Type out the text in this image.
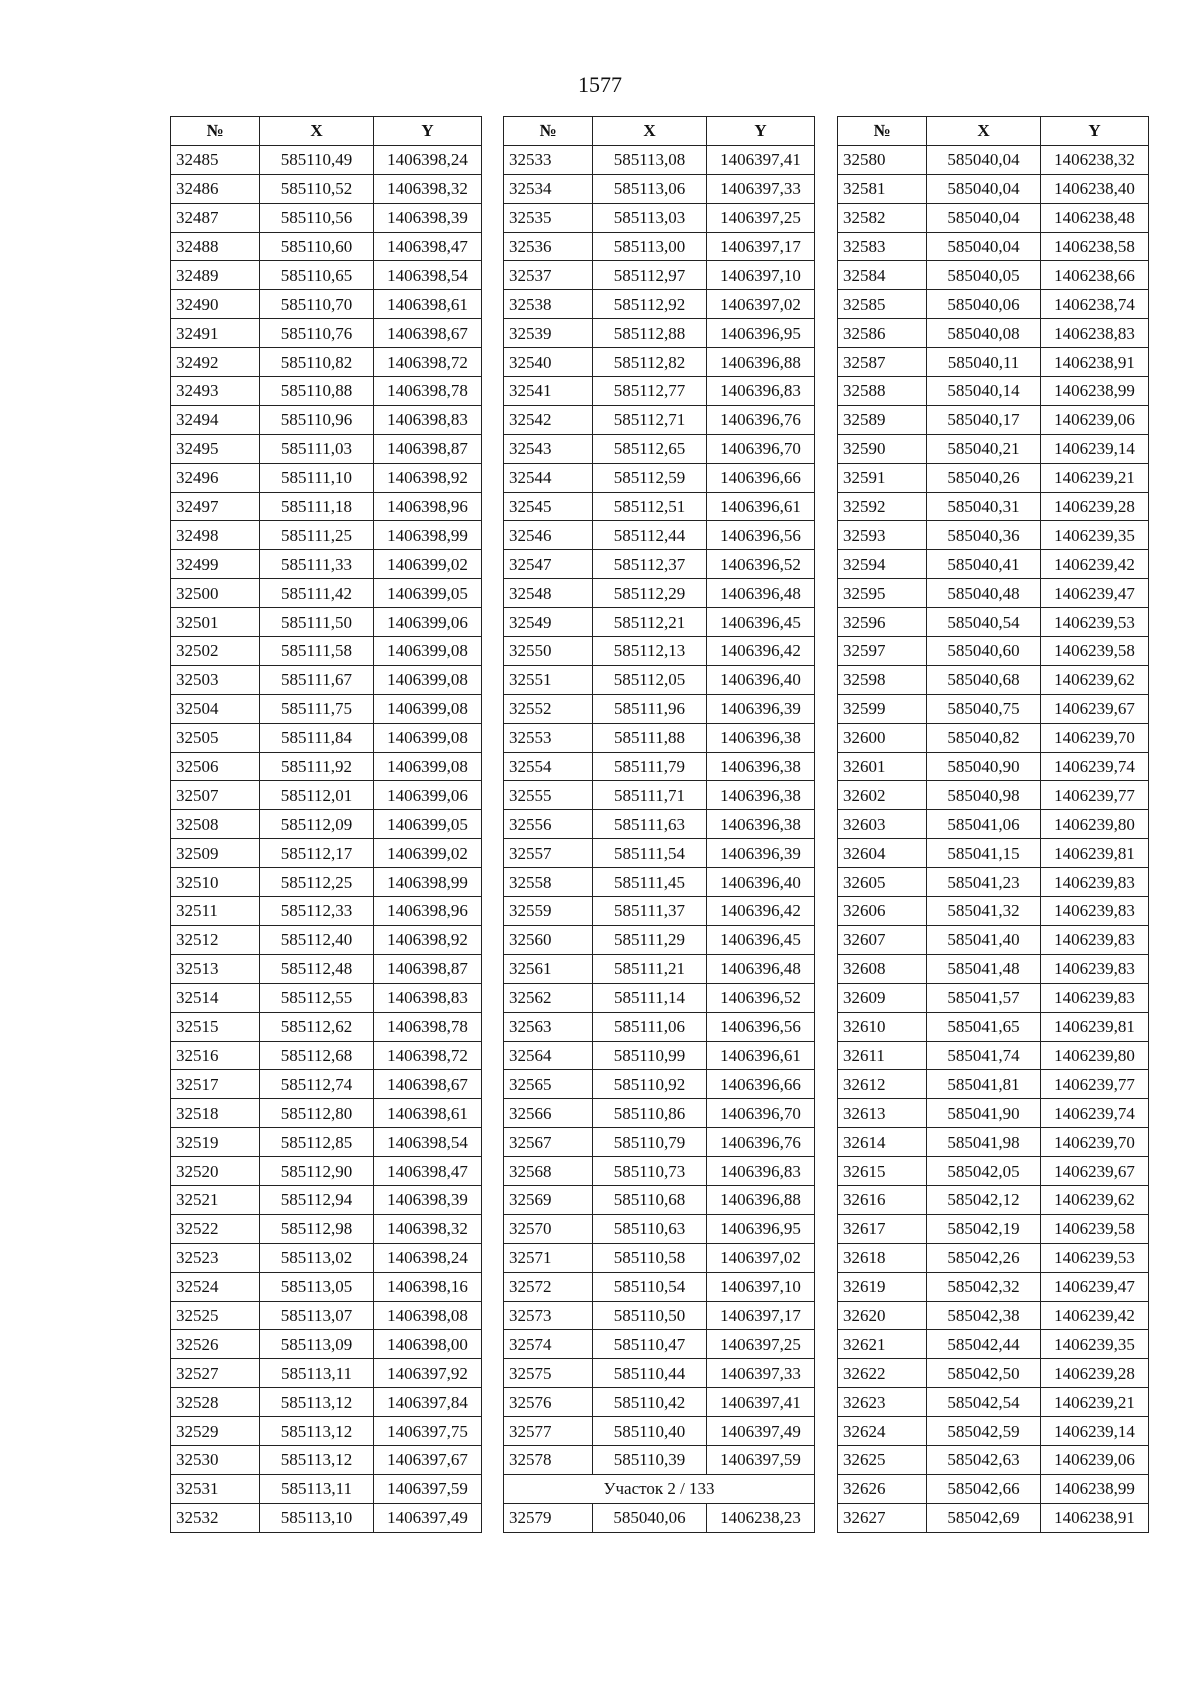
1577
№	X	Y
32485	585110,49	1406398,24
32486	585110,52	1406398,32
32487	585110,56	1406398,39
32488	585110,60	1406398,47
32489	585110,65	1406398,54
32490	585110,70	1406398,61
32491	585110,76	1406398,67
32492	585110,82	1406398,72
32493	585110,88	1406398,78
32494	585110,96	1406398,83
32495	585111,03	1406398,87
32496	585111,10	1406398,92
32497	585111,18	1406398,96
32498	585111,25	1406398,99
32499	585111,33	1406399,02
32500	585111,42	1406399,05
32501	585111,50	1406399,06
32502	585111,58	1406399,08
32503	585111,67	1406399,08
32504	585111,75	1406399,08
32505	585111,84	1406399,08
32506	585111,92	1406399,08
32507	585112,01	1406399,06
32508	585112,09	1406399,05
32509	585112,17	1406399,02
32510	585112,25	1406398,99
32511	585112,33	1406398,96
32512	585112,40	1406398,92
32513	585112,48	1406398,87
32514	585112,55	1406398,83
32515	585112,62	1406398,78
32516	585112,68	1406398,72
32517	585112,74	1406398,67
32518	585112,80	1406398,61
32519	585112,85	1406398,54
32520	585112,90	1406398,47
32521	585112,94	1406398,39
32522	585112,98	1406398,32
32523	585113,02	1406398,24
32524	585113,05	1406398,16
32525	585113,07	1406398,08
32526	585113,09	1406398,00
32527	585113,11	1406397,92
32528	585113,12	1406397,84
32529	585113,12	1406397,75
32530	585113,12	1406397,67
32531	585113,11	1406397,59
32532	585113,10	1406397,49
№	X	Y
32533	585113,08	1406397,41
32534	585113,06	1406397,33
32535	585113,03	1406397,25
32536	585113,00	1406397,17
32537	585112,97	1406397,10
32538	585112,92	1406397,02
32539	585112,88	1406396,95
32540	585112,82	1406396,88
32541	585112,77	1406396,83
32542	585112,71	1406396,76
32543	585112,65	1406396,70
32544	585112,59	1406396,66
32545	585112,51	1406396,61
32546	585112,44	1406396,56
32547	585112,37	1406396,52
32548	585112,29	1406396,48
32549	585112,21	1406396,45
32550	585112,13	1406396,42
32551	585112,05	1406396,40
32552	585111,96	1406396,39
32553	585111,88	1406396,38
32554	585111,79	1406396,38
32555	585111,71	1406396,38
32556	585111,63	1406396,38
32557	585111,54	1406396,39
32558	585111,45	1406396,40
32559	585111,37	1406396,42
32560	585111,29	1406396,45
32561	585111,21	1406396,48
32562	585111,14	1406396,52
32563	585111,06	1406396,56
32564	585110,99	1406396,61
32565	585110,92	1406396,66
32566	585110,86	1406396,70
32567	585110,79	1406396,76
32568	585110,73	1406396,83
32569	585110,68	1406396,88
32570	585110,63	1406396,95
32571	585110,58	1406397,02
32572	585110,54	1406397,10
32573	585110,50	1406397,17
32574	585110,47	1406397,25
32575	585110,44	1406397,33
32576	585110,42	1406397,41
32577	585110,40	1406397,49
32578	585110,39	1406397,59
Участок 2 / 133		
32579	585040,06	1406238,23
№	X	Y
32580	585040,04	1406238,32
32581	585040,04	1406238,40
32582	585040,04	1406238,48
32583	585040,04	1406238,58
32584	585040,05	1406238,66
32585	585040,06	1406238,74
32586	585040,08	1406238,83
32587	585040,11	1406238,91
32588	585040,14	1406238,99
32589	585040,17	1406239,06
32590	585040,21	1406239,14
32591	585040,26	1406239,21
32592	585040,31	1406239,28
32593	585040,36	1406239,35
32594	585040,41	1406239,42
32595	585040,48	1406239,47
32596	585040,54	1406239,53
32597	585040,60	1406239,58
32598	585040,68	1406239,62
32599	585040,75	1406239,67
32600	585040,82	1406239,70
32601	585040,90	1406239,74
32602	585040,98	1406239,77
32603	585041,06	1406239,80
32604	585041,15	1406239,81
32605	585041,23	1406239,83
32606	585041,32	1406239,83
32607	585041,40	1406239,83
32608	585041,48	1406239,83
32609	585041,57	1406239,83
32610	585041,65	1406239,81
32611	585041,74	1406239,80
32612	585041,81	1406239,77
32613	585041,90	1406239,74
32614	585041,98	1406239,70
32615	585042,05	1406239,67
32616	585042,12	1406239,62
32617	585042,19	1406239,58
32618	585042,26	1406239,53
32619	585042,32	1406239,47
32620	585042,38	1406239,42
32621	585042,44	1406239,35
32622	585042,50	1406239,28
32623	585042,54	1406239,21
32624	585042,59	1406239,14
32625	585042,63	1406239,06
32626	585042,66	1406238,99
32627	585042,69	1406238,91
